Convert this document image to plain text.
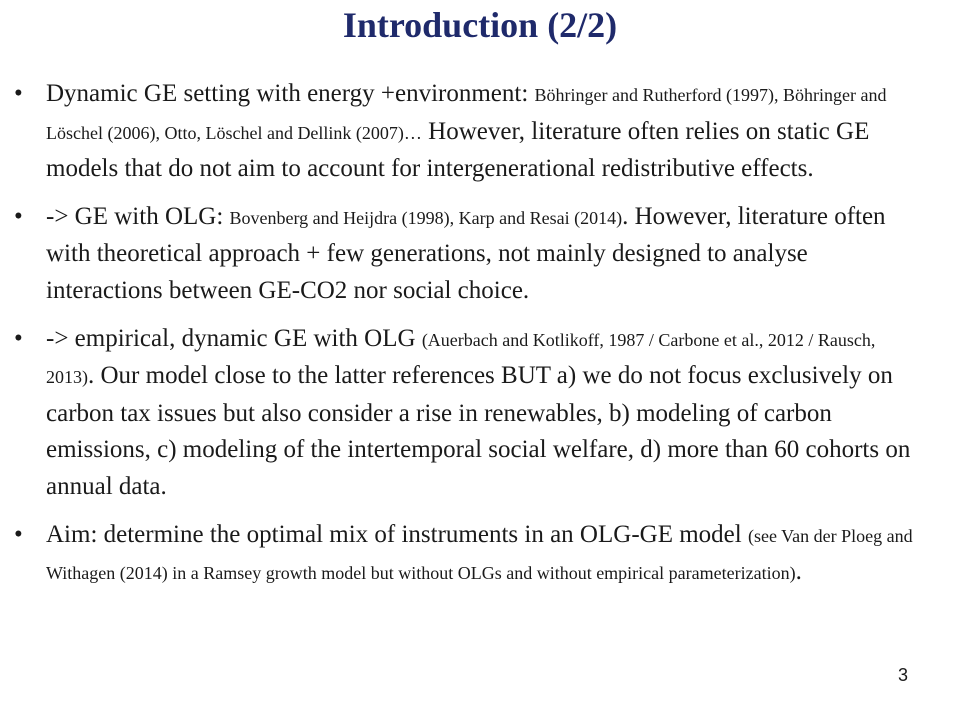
Introduction (2/2)
• Dynamic GE setting with energy +environment: Böhringer and Rutherford (1997), Böhringer and Löschel (2006), Otto, Löschel and Dellink (2007)… However, literature often relies on static GE models that do not aim to account for intergenerational redistributive effects.
• -> GE with OLG: Bovenberg and Heijdra (1998), Karp and Resai (2014). However, literature often with theoretical approach + few generations, not mainly designed to analyse interactions between GE-CO2 nor social choice.
• -> empirical, dynamic GE with OLG (Auerbach and Kotlikoff, 1987 / Carbone et al., 2012 / Rausch, 2013). Our model close to the latter references BUT a) we do not focus exclusively on carbon tax issues but also consider a rise in renewables, b) modeling of carbon emissions, c) modeling of the intertemporal social welfare, d) more than 60 cohorts on annual data.
• Aim: determine the optimal mix of instruments in an OLG-GE model (see Van der Ploeg and Withagen (2014) in a Ramsey growth model but without OLGs and without empirical parameterization).
3
